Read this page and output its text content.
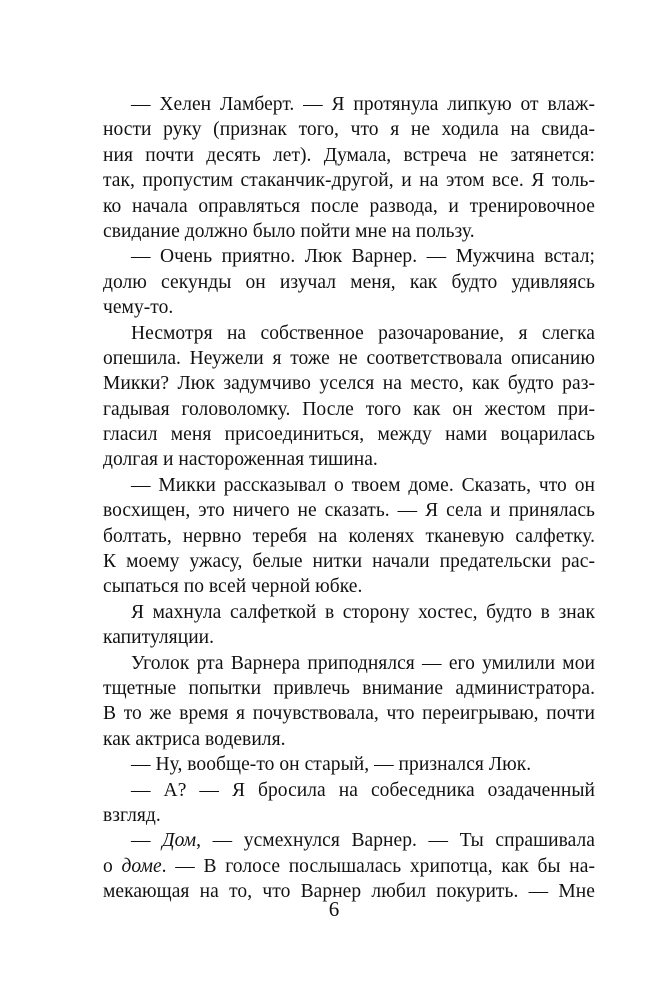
— Хелен Ламберт. — Я протянула липкую от влаж-
ности руку (признак того, что я не ходила на свида-
ния почти десять лет). Думала, встреча не затянется:
так, пропустим стаканчик-другой, и на этом все. Я толь-
ко начала оправляться после развода, и тренировочное
свидание должно было пойти мне на пользу.
— Очень приятно. Люк Варнер. — Мужчина встал;
долю секунды он изучал меня, как будто удивляясь
чему-то.
Несмотря на собственное разочарование, я слегка
опешила. Неужели я тоже не соответствовала описанию
Микки? Люк задумчиво уселся на место, как будто раз-
гадывая головоломку. После того как он жестом при-
гласил меня присоединиться, между нами воцарилась
долгая и настороженная тишина.
— Микки рассказывал о твоем доме. Сказать, что он
восхищен, это ничего не сказать. — Я села и принялась
болтать, нервно теребя на коленях тканевую салфетку.
К моему ужасу, белые нитки начали предательски рас-
сыпаться по всей черной юбке.
Я махнула салфеткой в сторону хостес, будто в знак
капитуляции.
Уголок рта Варнера приподнялся — его умилили мои
тщетные попытки привлечь внимание администратора.
В то же время я почувствовала, что переигрываю, почти
как актриса водевиля.
— Ну, вообще-то он старый, — признался Люк.
— А? — Я бросила на собеседника озадаченный
взгляд.
— Дом, — усмехнулся Варнер. — Ты спрашивала
о доме. — В голосе послышалась хрипотца, как бы на-
мекающая на то, что Варнер любил покурить. — Мне
6
